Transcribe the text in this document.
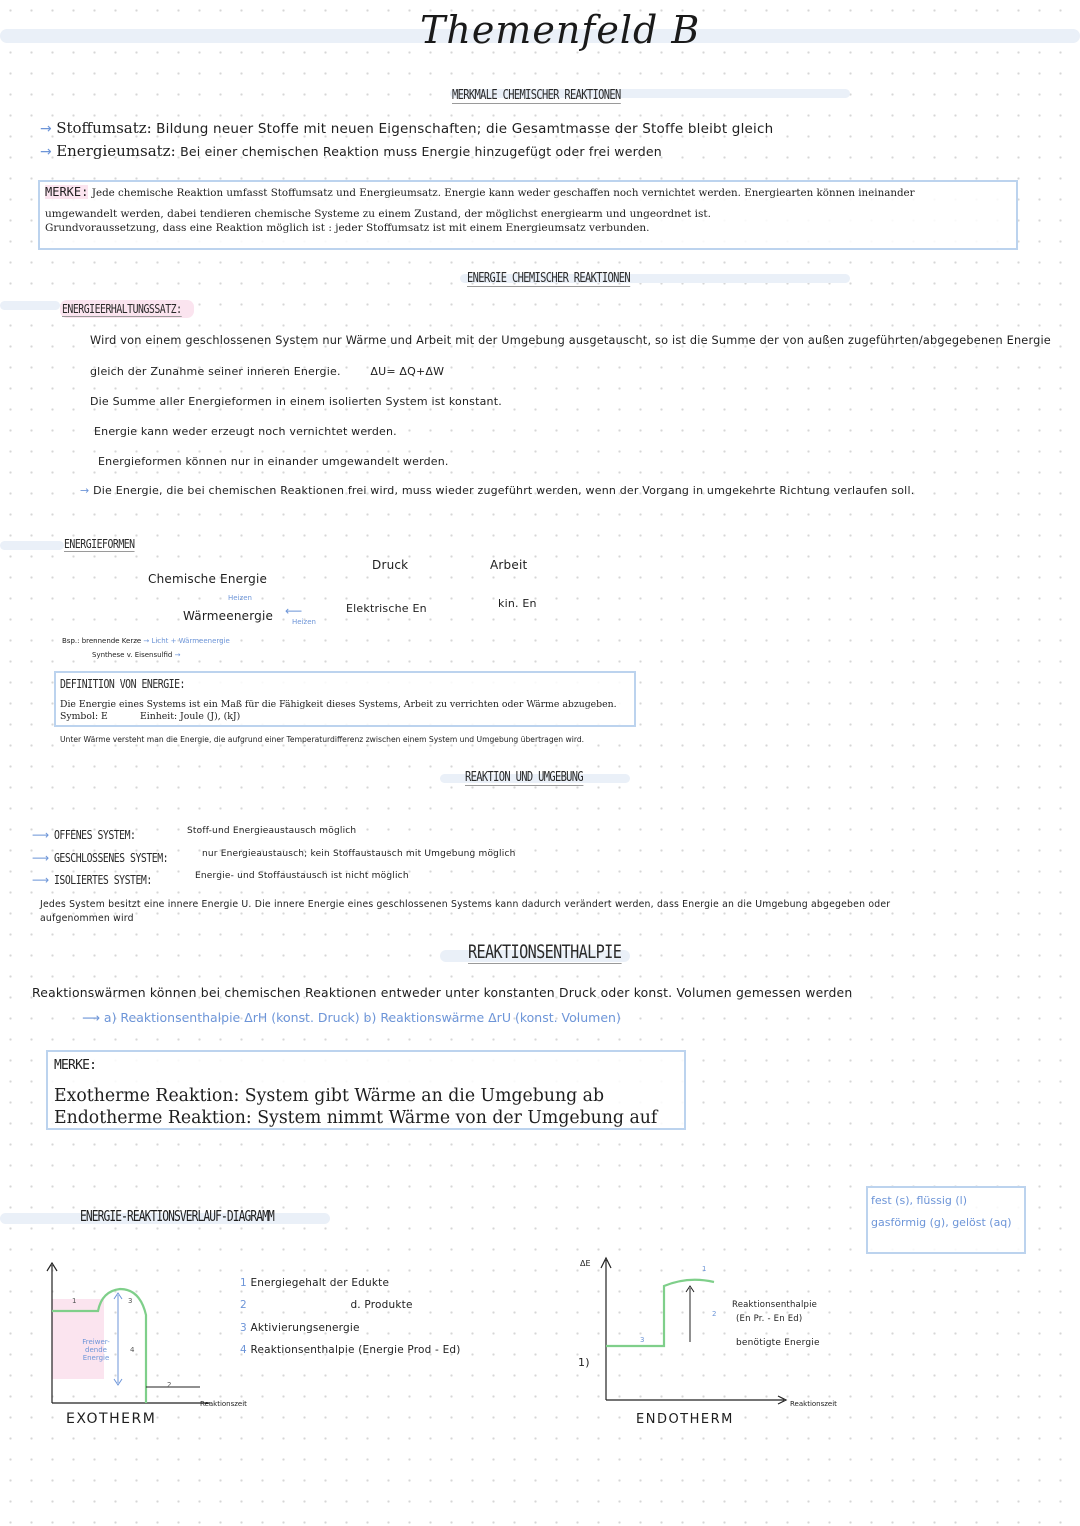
Themenfeld B
MERKMALE CHEMISCHER REAKTIONEN
→ Stoffumsatz: Bildung neuer Stoffe mit neuen Eigenschaften; die Gesamtmasse der Stoffe bleibt gleich
→ Energieumsatz: Bei einer chemischen Reaktion muss Energie hinzugefügt oder frei werden
MERKE: Jede chemische Reaktion umfasst Stoffumsatz und Energieumsatz. Energie kann weder geschaffen noch vernichtet werden. Energiearten können ineinander
umgewandelt werden, dabei tendieren chemische Systeme zu einem Zustand, der möglichst energiearm und ungeordnet ist.
Grundvoraussetzung, dass eine Reaktion möglich ist : jeder Stoffumsatz ist mit einem Energieumsatz verbunden.
ENERGIE CHEMISCHER REAKTIONEN
ENERGIEERHALTUNGSSATZ:
Wird von einem geschlossenen System nur Wärme und Arbeit mit der Umgebung ausgetauscht, so ist die Summe der von außen zugeführten/abgegebenen Energie
gleich der Zunahme seiner inneren Energie.	ΔU= ΔQ+ΔW
Die Summe aller Energieformen in einem isolierten System ist konstant.
Energie kann weder erzeugt noch vernichtet werden.
Energieformen können nur in einander umgewandelt werden.
→ Die Energie, die bei chemischen Reaktionen frei wird, muss wieder zugeführt werden, wenn der Vorgang in umgekehrte Richtung verlaufen soll.
ENERGIEFORMEN
Chemische Energie
Heizen
Wärmeenergie	Heizen
⟵
Druck
Elektrische En
Arbeit
kin. En
Bsp.: brennende Kerze → Licht + Wärmeenergie
Synthese v. Eisensulfid →
DEFINITION VON ENERGIE:
Die Energie eines Systems ist ein Maß für die Fähigkeit dieses Systems, Arbeit zu verrichten oder Wärme abzugeben.
Symbol: E	Einheit: Joule (J), (kJ)
Unter Wärme versteht man die Energie, die aufgrund einer Temperaturdifferenz zwischen einem System und Umgebung übertragen wird.
REAKTION UND UMGEBUNG
⟶ OFFENES SYSTEM:	Stoff-und Energieaustausch möglich
⟶ GESCHLOSSENES SYSTEM:	nur Energieaustausch; kein Stoffaustausch mit Umgebung möglich
⟶ ISOLIERTES SYSTEM:	Energie- und Stoffaustausch ist nicht möglich
Jedes System besitzt eine innere Energie U. Die innere Energie eines geschlossenen Systems kann dadurch verändert werden, dass Energie an die Umgebung abgegeben oder
aufgenommen wird
REAKTIONSENTHALPIE
Reaktionswärmen können bei chemischen Reaktionen entweder unter konstanten Druck oder konst. Volumen gemessen werden
⟶ a) Reaktionsenthalpie ΔrH (konst. Druck) b) Reaktionswärme ΔrU (konst. Volumen)
MERKE:
Exotherme Reaktion: System gibt Wärme an die Umgebung ab
Endotherme Reaktion: System nimmt Wärme von der Umgebung auf
ENERGIE-REAKTIONSVERLAUF-DIAGRAMM
fest (s), flüssig (l)
gasförmig (g), gelöst (aq)
1	3
4
2
Freiwer-dende Energie
Reaktionszeit
EXOTHERM
1 Energiegehalt der Edukte
2	d. Produkte
3 Aktivierungsenergie
4 Reaktionsenthalpie (Energie Prod - Ed)
ΔE
1)
3
1
2
Reaktionsenthalpie
(En Pr. - En Ed)
benötigte Energie
Reaktionszeit
ENDOTHERM
